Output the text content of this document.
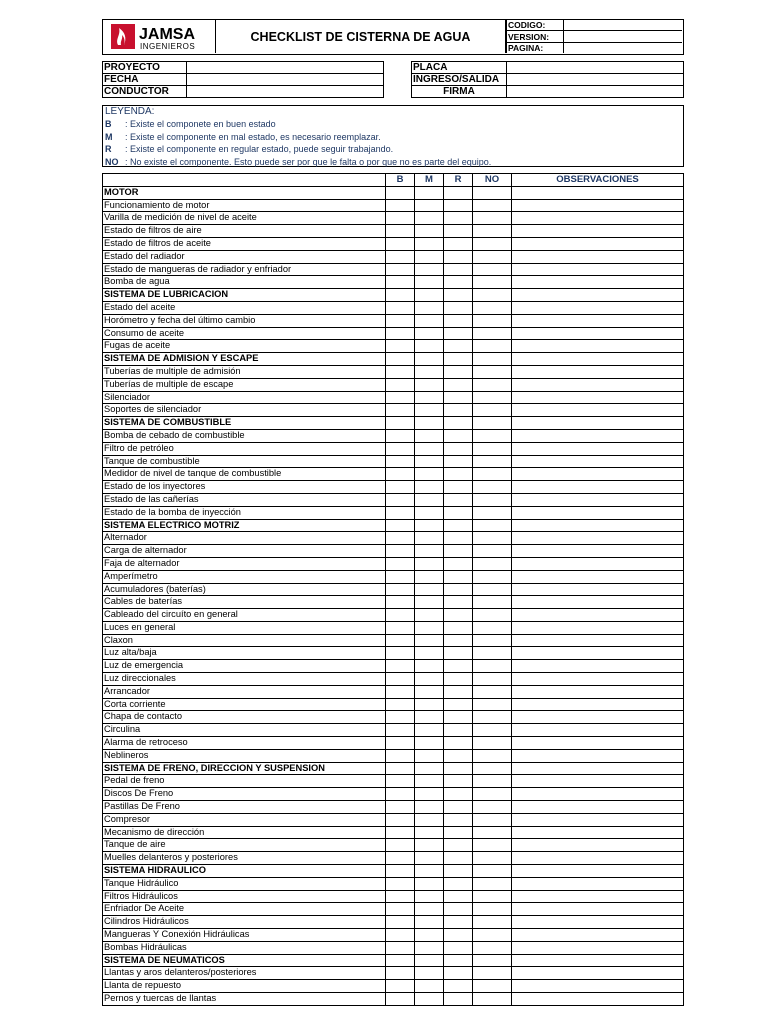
JAMSA
INGENIEROS
CHECKLIST DE CISTERNA DE AGUA
CODIGO:	
VERSION:	
PAGINA:	
PROYECTO	
FECHA	
CONDUCTOR	
PLACA	
INGRESO/SALIDA	
FIRMA	
LEYENDA:
B : Existe el componete en buen estado
M : Existe el componente en mal estado, es necesario reemplazar.
R : Existe el componente en regular estado, puede seguir trabajando.
NO : No existe el componente. Esto puede ser por que le falta o por que no es parte del equipo.
	B	M	R	NO	OBSERVACIONES
MOTOR					
Funcionamiento de motor					
Varilla de medición de nivel de aceite					
Estado de filtros de aire					
Estado de filtros de aceite					
Estado del radiador					
Estado de mangueras de radiador y enfriador					
Bomba de agua					
SISTEMA DE LUBRICACION					
Estado del aceite					
Horómetro y fecha del último cambio					
Consumo de aceite					
Fugas de aceite					
SISTEMA DE ADMISION Y ESCAPE					
Tuberías de multiple de admisión					
Tuberías de multiple de escape					
Silenciador					
Soportes de silenciador					
SISTEMA DE COMBUSTIBLE					
Bomba de cebado de combustible					
Filtro de petróleo					
Tanque de combustible					
Medidor de nivel de tanque de combustible					
Estado de los inyectores					
Estado de las cañerías					
Estado de la bomba de inyección					
SISTEMA ELECTRICO MOTRIZ					
Alternador					
Carga de alternador					
Faja de alternador					
Amperímetro					
Acumuladores (baterías)					
Cables de baterías					
Cableado del circuíto en general					
Luces en general					
Claxon					
Luz alta/baja					
Luz de emergencia					
Luz direccionales					
Arrancador					
Corta corriente					
Chapa de contacto					
Circulina					
Alarma de retroceso					
Neblineros					
SISTEMA DE FRENO, DIRECCION Y SUSPENSION					
Pedal de freno					
Discos De Freno					
Pastillas De Freno					
Compresor					
Mecanismo de dirección					
Tanque de aire					
Muelles delanteros y posteriores					
SISTEMA HIDRAULICO					
Tanque Hidráulico					
Filtros Hidráulicos					
Enfriador De Aceite					
Cilindros Hidráulicos					
Mangueras Y Conexión Hidráulicas					
Bombas Hidráulicas					
SISTEMA DE NEUMATICOS					
Llantas y aros delanteros/posteriores					
Llanta de repuesto					
Pernos y tuercas de llantas					
